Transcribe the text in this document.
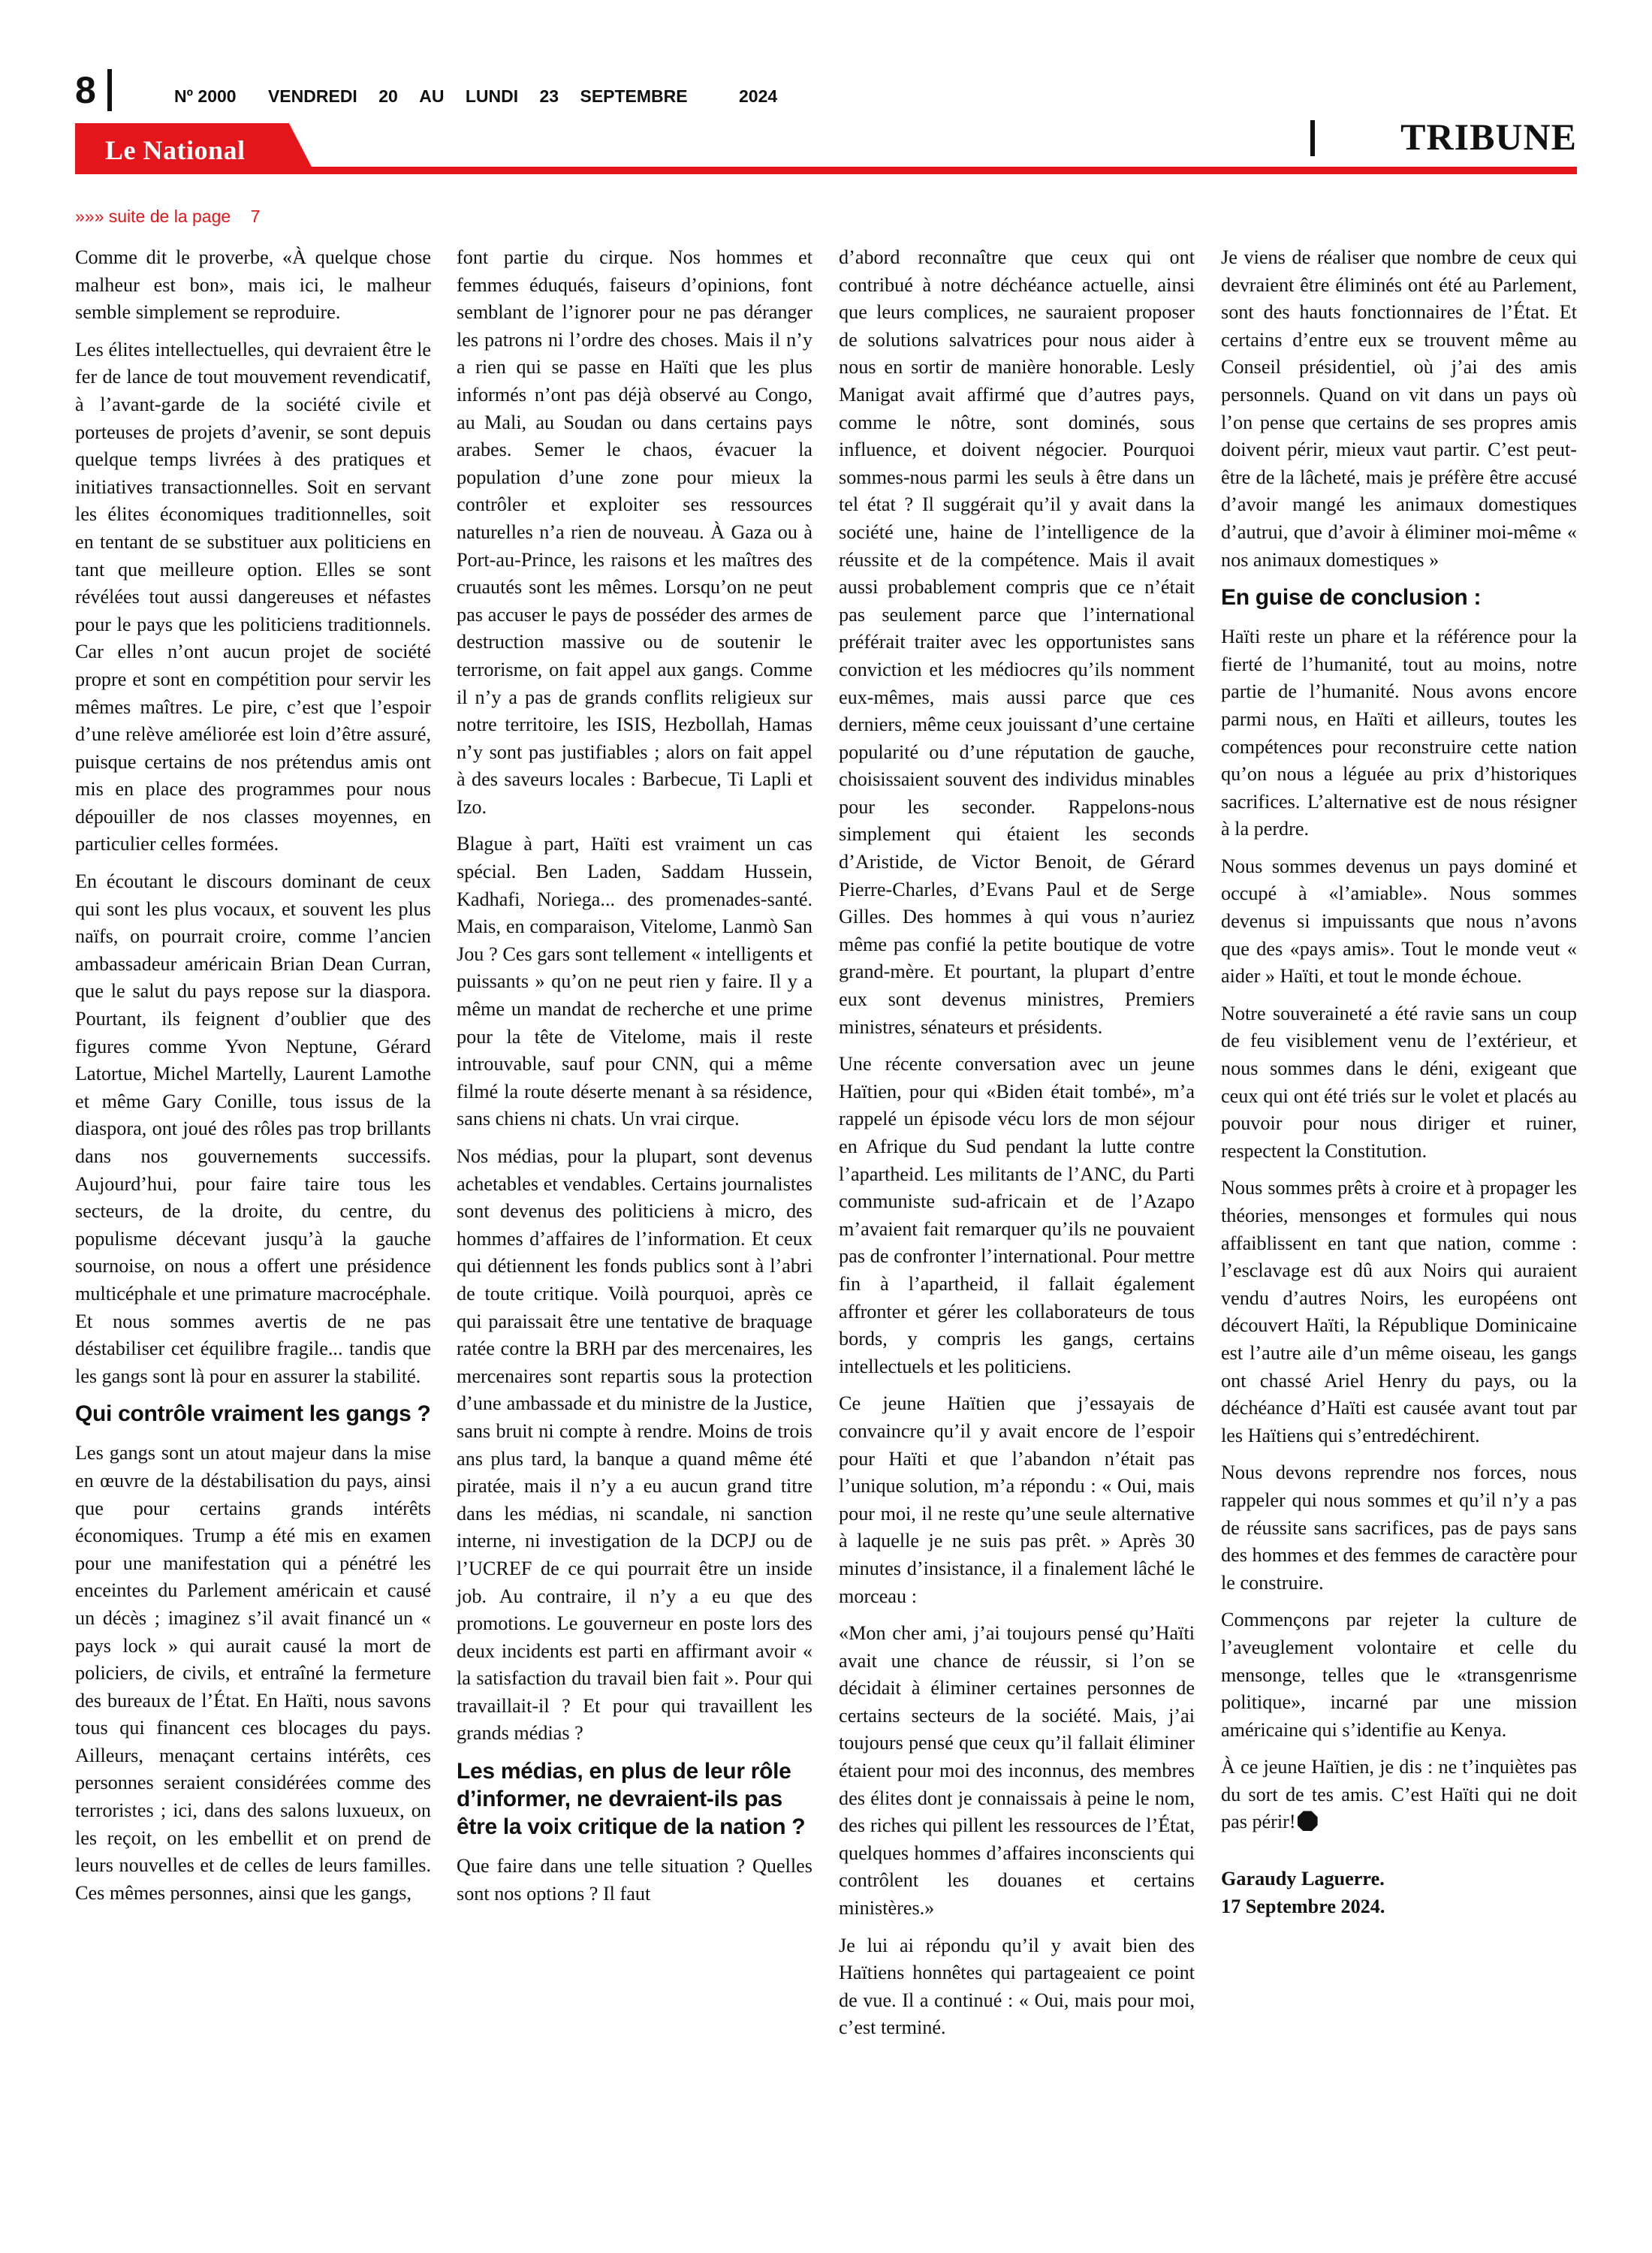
8	Nº 2000 VENDREDI 20 AU LUNDI 23 SEPTEMBRE	2024
Le National	TRIBUNE
»»» suite de la page 7

Comme dit le proverbe, «À quelque chose malheur est bon», mais ici, le malheur semble simplement se reproduire.

Les élites intellectuelles, qui devraient être le fer de lance de tout mouvement revendicatif, à l’avant-garde de la société civile et porteuses de projets d’avenir, se sont depuis quelque temps livrées à des pratiques et initiatives transactionnelles. Soit en servant les élites économiques traditionnelles, soit en tentant de se substituer aux politiciens en tant que meilleure option. Elles se sont révélées tout aussi dangereuses et néfastes pour le pays que les politiciens traditionnels. Car elles n’ont aucun projet de société propre et sont en compétition pour servir les mêmes maîtres. Le pire, c’est que l’espoir d’une relève améliorée est loin d’être assuré, puisque certains de nos prétendus amis ont mis en place des programmes pour nous dépouiller de nos classes moyennes, en particulier celles formées.

En écoutant le discours dominant de ceux qui sont les plus vocaux, et souvent les plus naïfs, on pourrait croire, comme l’ancien ambassadeur américain Brian Dean Curran, que le salut du pays repose sur la diaspora. Pourtant, ils feignent d’oublier que des figures comme Yvon Neptune, Gérard Latortue, Michel Martelly, Laurent Lamothe et même Gary Conille, tous issus de la diaspora, ont joué des rôles pas trop brillants dans nos gouvernements successifs. Aujourd’hui, pour faire taire tous les secteurs, de la droite, du centre, du populisme décevant jusqu’à la gauche sournoise, on nous a offert une présidence multicéphale et une primature macrocéphale. Et nous sommes avertis de ne pas déstabiliser cet équilibre fragile... tandis que les gangs sont là pour en assurer la stabilité.

Qui contrôle vraiment les gangs ?

Les gangs sont un atout majeur dans la mise en œuvre de la déstabilisation du pays, ainsi que pour certains grands intérêts économiques. Trump a été mis en examen pour une manifestation qui a pénétré les enceintes du Parlement américain et causé un décès ; imaginez s’il avait financé un « pays lock » qui aurait causé la mort de policiers, de civils, et entraîné la fermeture des bureaux de l’État. En Haïti, nous savons tous qui financent ces blocages du pays. Ailleurs, menaçant certains intérêts, ces personnes seraient considérées comme des terroristes ; ici, dans des salons luxueux, on les reçoit, on les embellit et on prend de leurs nouvelles et de celles de leurs familles. Ces mêmes personnes, ainsi que les gangs,

font partie du cirque. Nos hommes et femmes éduqués, faiseurs d’opinions, font semblant de l’ignorer pour ne pas déranger les patrons ni l’ordre des choses. Mais il n’y a rien qui se passe en Haïti que les plus informés n’ont pas déjà observé au Congo, au Mali, au Soudan ou dans certains pays arabes. Semer le chaos, évacuer la population d’une zone pour mieux la contrôler et exploiter ses ressources naturelles n’a rien de nouveau. À Gaza ou à Port-au-Prince, les raisons et les maîtres des cruautés sont les mêmes. Lorsqu’on ne peut pas accuser le pays de posséder des armes de destruction massive ou de soutenir le terrorisme, on fait appel aux gangs. Comme il n’y a pas de grands conflits religieux sur notre territoire, les ISIS, Hezbollah, Hamas n’y sont pas justifiables ; alors on fait appel à des saveurs locales : Barbecue, Ti Lapli et Izo.

Blague à part, Haïti est vraiment un cas spécial. Ben Laden, Saddam Hussein, Kadhafi, Noriega... des promenades-santé. Mais, en comparaison, Vitelome, Lanmò San Jou ? Ces gars sont tellement « intelligents et puissants » qu’on ne peut rien y faire. Il y a même un mandat de recherche et une prime pour la tête de Vitelome, mais il reste introuvable, sauf pour CNN, qui a même filmé la route déserte menant à sa résidence, sans chiens ni chats. Un vrai cirque.

Nos médias, pour la plupart, sont devenus achetables et vendables. Certains journalistes sont devenus des politiciens à micro, des hommes d’affaires de l’information. Et ceux qui détiennent les fonds publics sont à l’abri de toute critique. Voilà pourquoi, après ce qui paraissait être une tentative de braquage ratée contre la BRH par des mercenaires, les mercenaires sont repartis sous la protection d’une ambassade et du ministre de la Justice, sans bruit ni compte à rendre. Moins de trois ans plus tard, la banque a quand même été piratée, mais il n’y a eu aucun grand titre dans les médias, ni scandale, ni sanction interne, ni investigation de la DCPJ ou de l’UCREF de ce qui pourrait être un inside job. Au contraire, il n’y a eu que des promotions. Le gouverneur en poste lors des deux incidents est parti en affirmant avoir « la satisfaction du travail bien fait ». Pour qui travaillait-il ? Et pour qui travaillent les grands médias ?

Les médias, en plus de leur rôle d’informer, ne devraient-ils pas être la voix critique de la nation ?

Que faire dans une telle situation ? Quelles sont nos options ? Il faut

d’abord reconnaître que ceux qui ont contribué à notre déchéance actuelle, ainsi que leurs complices, ne sauraient proposer de solutions salvatrices pour nous aider à nous en sortir de manière honorable. Lesly Manigat avait affirmé que d’autres pays, comme le nôtre, sont dominés, sous influence, et doivent négocier. Pourquoi sommes-nous parmi les seuls à être dans un tel état ? Il suggérait qu’il y avait dans la société une, haine de l’intelligence de la réussite et de la compétence. Mais il avait aussi probablement compris que ce n’était pas seulement parce que l’international préférait traiter avec les opportunistes sans conviction et les médiocres qu’ils nomment eux-mêmes, mais aussi parce que ces derniers, même ceux jouissant d’une certaine popularité ou d’une réputation de gauche, choisissaient souvent des individus minables pour les seconder. Rappelons-nous simplement qui étaient les seconds d’Aristide, de Victor Benoit, de Gérard Pierre-Charles, d’Evans Paul et de Serge Gilles. Des hommes à qui vous n’auriez même pas confié la petite boutique de votre grand-mère. Et pourtant, la plupart d’entre eux sont devenus ministres, Premiers ministres, sénateurs et présidents.

Une récente conversation avec un jeune Haïtien, pour qui «Biden était tombé», m’a rappelé un épisode vécu lors de mon séjour en Afrique du Sud pendant la lutte contre l’apartheid. Les militants de l’ANC, du Parti communiste sud-africain et de l’Azapo m’avaient fait remarquer qu’ils ne pouvaient pas de confronter l’international. Pour mettre fin à l’apartheid, il fallait également affronter et gérer les collaborateurs de tous bords, y compris les gangs, certains intellectuels et les politiciens.

Ce jeune Haïtien que j’essayais de convaincre qu’il y avait encore de l’espoir pour Haïti et que l’abandon n’était pas l’unique solution, m’a répondu : « Oui, mais pour moi, il ne reste qu’une seule alternative à laquelle je ne suis pas prêt. » Après 30 minutes d’insistance, il a finalement lâché le morceau :

«Mon cher ami, j’ai toujours pensé qu’Haïti avait une chance de réussir, si l’on se décidait à éliminer certaines personnes de certains secteurs de la société. Mais, j’ai toujours pensé que ceux qu’il fallait éliminer étaient pour moi des inconnus, des membres des élites dont je connaissais à peine le nom, des riches qui pillent les ressources de l’État, quelques hommes d’affaires inconscients qui contrôlent les douanes et certains ministères.»

Je lui ai répondu qu’il y avait bien des Haïtiens honnêtes qui partageaient ce point de vue. Il a continué : « Oui, mais pour moi, c’est terminé.

Je viens de réaliser que nombre de ceux qui devraient être éliminés ont été au Parlement, sont des hauts fonctionnaires de l’État. Et certains d’entre eux se trouvent même au Conseil présidentiel, où j’ai des amis personnels. Quand on vit dans un pays où l’on pense que certains de ses propres amis doivent périr, mieux vaut partir. C’est peut-être de la lâcheté, mais je préfère être accusé d’avoir mangé les animaux domestiques d’autrui, que d’avoir à éliminer moi-même « nos animaux domestiques »

En guise de conclusion :

Haïti reste un phare et la référence pour la fierté de l’humanité, tout au moins, notre partie de l’humanité. Nous avons encore parmi nous, en Haïti et ailleurs, toutes les compétences pour reconstruire cette nation qu’on nous a léguée au prix d’historiques sacrifices. L’alternative est de nous résigner à la perdre.

Nous sommes devenus un pays dominé et occupé à «l’amiable». Nous sommes devenus si impuissants que nous n’avons que des «pays amis». Tout le monde veut « aider » Haïti, et tout le monde échoue.

Notre souveraineté a été ravie sans un coup de feu visiblement venu de l’extérieur, et nous sommes dans le déni, exigeant que ceux qui ont été triés sur le volet et placés au pouvoir pour nous diriger et ruiner, respectent la Constitution.

Nous sommes prêts à croire et à propager les théories, mensonges et formules qui nous affaiblissent en tant que nation, comme : l’esclavage est dû aux Noirs qui auraient vendu d’autres Noirs, les européens ont découvert Haïti, la République Dominicaine est l’autre aile d’un même oiseau, les gangs ont chassé Ariel Henry du pays, ou la déchéance d’Haïti est causée avant tout par les Haïtiens qui s’entredéchirent.

Nous devons reprendre nos forces, nous rappeler qui nous sommes et qu’il n’y a pas de réussite sans sacrifices, pas de pays sans des hommes et des femmes de caractère pour le construire.

Commençons par rejeter la culture de l’aveuglement volontaire et celle du mensonge, telles que le «transgenrisme politique», incarné par une mission américaine qui s’identifie au Kenya.

À ce jeune Haïtien, je dis : ne t’inquiètes pas du sort de tes amis. C’est Haïti qui ne doit pas périr!

Garaudy Laguerre.

17 Septembre 2024.
